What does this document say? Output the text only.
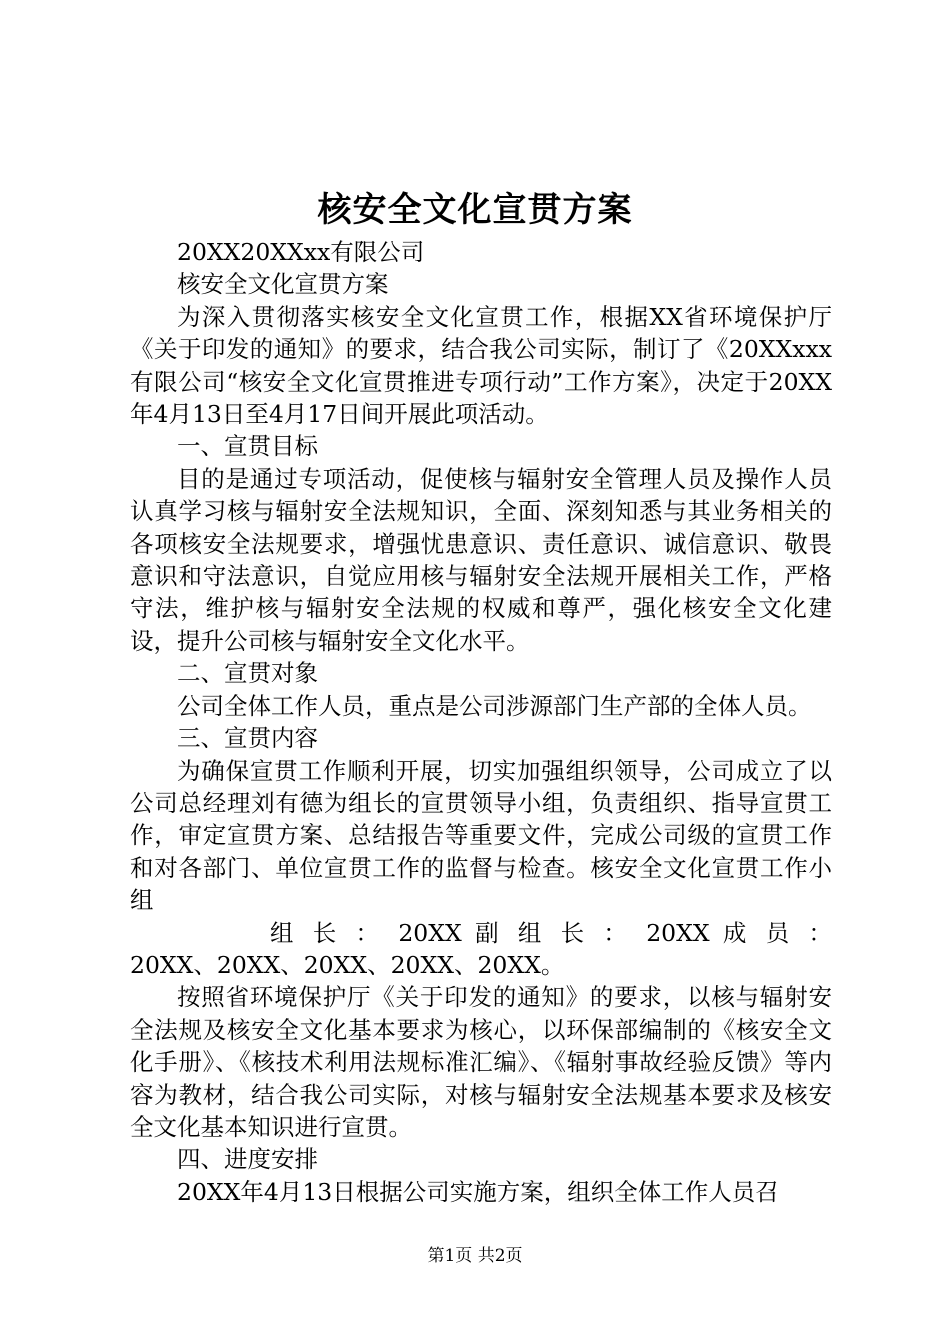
核安全文化宣贯方案

20XX20XXxx有限公司

核安全文化宣贯方案

为深入贯彻落实核安全文化宣贯工作，根据XX省环境保护厅《关于印发的通知》的要求，结合我公司实际，制订了《20XXxxx有限公司“核安全文化宣贯推进专项行动”工作方案》，决定于20XX年4月13日至4月17日间开展此项活动。

一、宣贯目标

目的是通过专项活动，促使核与辐射安全管理人员及操作人员认真学习核与辐射安全法规知识，全面、深刻知悉与其业务相关的各项核安全法规要求，增强忧患意识、责任意识、诚信意识、敬畏意识和守法意识，自觉应用核与辐射安全法规开展相关工作，严格守法，维护核与辐射安全法规的权威和尊严，强化核安全文化建设，提升公司核与辐射安全文化水平。

二、宣贯对象

公司全体工作人员，重点是公司涉源部门生产部的全体人员。

三、宣贯内容

为确保宣贯工作顺利开展，切实加强组织领导，公司成立了以公司总经理刘有德为组长的宣贯领导小组，负责组织、指导宣贯工作，审定宣贯方案、总结报告等重要文件，完成公司级的宣贯工作和对各部门、单位宣贯工作的监督与检查。核安全文化宣贯工作小组

组 长 ： 20XX 副 组 长 ： 20XX 成 员 ：

20XX、20XX、20XX、20XX、20XX。

按照省环境保护厅《关于印发的通知》的要求，以核与辐射安全法规及核安全文化基本要求为核心，以环保部编制的《核安全文化手册》、《核技术利用法规标准汇编》、《辐射事故经验反馈》等内容为教材，结合我公司实际，对核与辐射安全法规基本要求及核安全文化基本知识进行宣贯。

四、进度安排

20XX年4月13日根据公司实施方案，组织全体工作人员召

第1页 共2页
